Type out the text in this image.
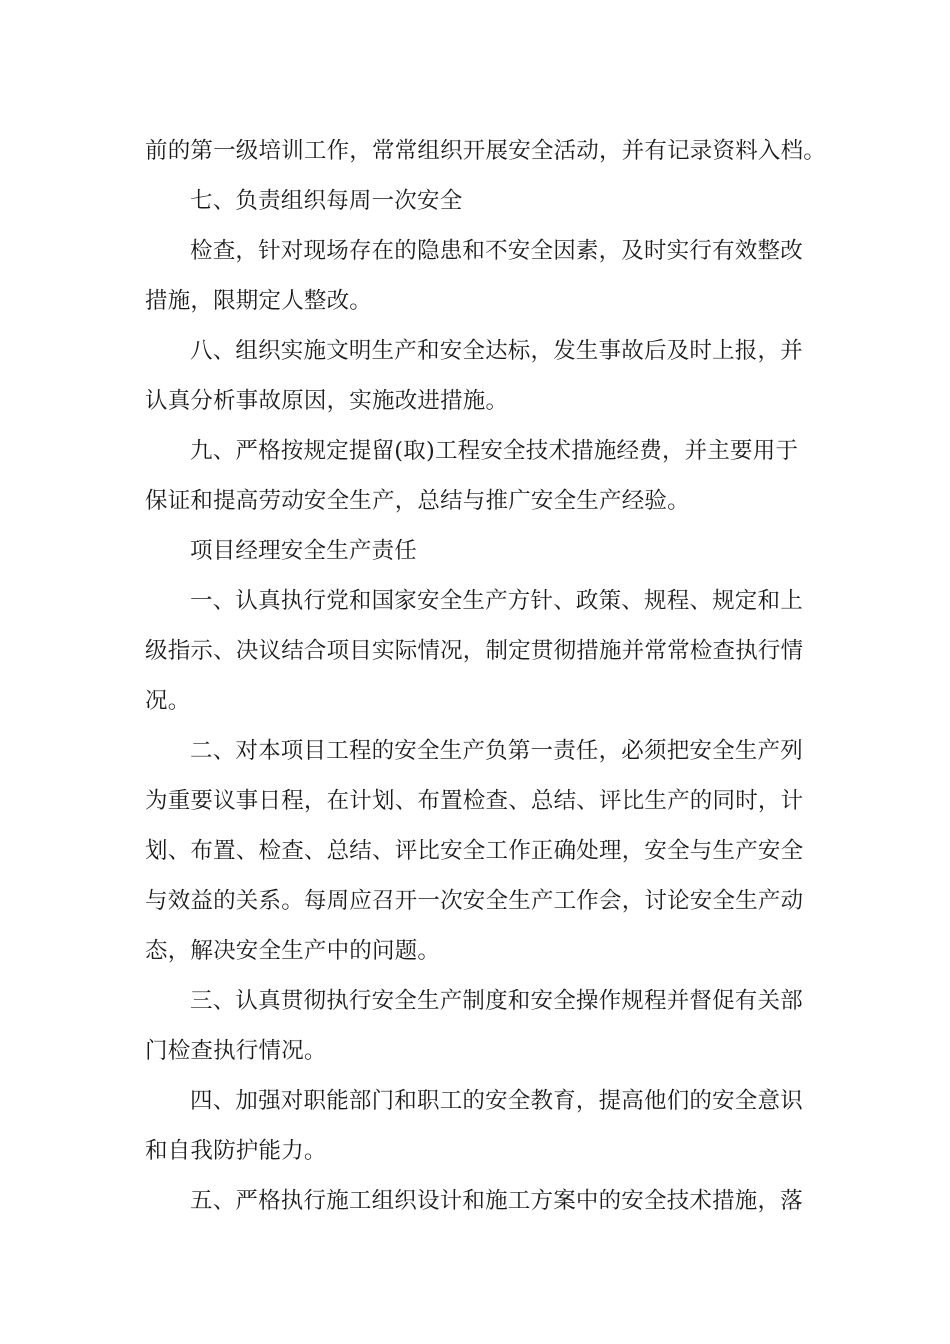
前的第一级培训工作，常常组织开展安全活动，并有记录资料入档。
七、负责组织每周一次安全
检查，针对现场存在的隐患和不安全因素，及时实行有效整改
措施，限期定人整改。
八、组织实施文明生产和安全达标，发生事故后及时上报，并
认真分析事故原因，实施改进措施。
九、严格按规定提留(取)工程安全技术措施经费，并主要用于
保证和提高劳动安全生产，总结与推广安全生产经验。
项目经理安全生产责任
一、认真执行党和国家安全生产方针、政策、规程、规定和上
级指示、决议结合项目实际情况，制定贯彻措施并常常检查执行情
况。
二、对本项目工程的安全生产负第一责任，必须把安全生产列
为重要议事日程，在计划、布置检查、总结、评比生产的同时，计
划、布置、检查、总结、评比安全工作正确处理，安全与生产安全
与效益的关系。每周应召开一次安全生产工作会，讨论安全生产动
态，解决安全生产中的问题。
三、认真贯彻执行安全生产制度和安全操作规程并督促有关部
门检查执行情况。
四、加强对职能部门和职工的安全教育，提高他们的安全意识
和自我防护能力。
五、严格执行施工组织设计和施工方案中的安全技术措施，落
